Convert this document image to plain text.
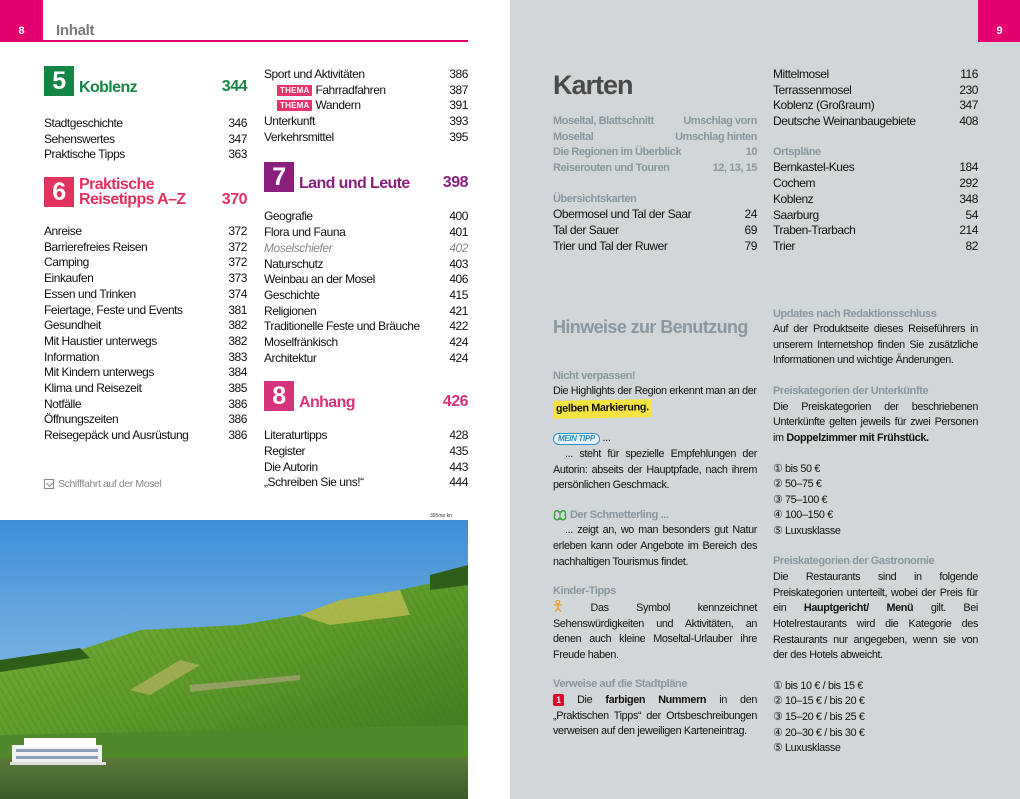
8 Inhalt
5 Koblenz	344
Stadtgeschichte	346
Sehenswertes	347
Praktische Tipps	363
6 Praktische
Reisetipps A–Z	370
Anreise	372
Barrierefreies Reisen	372
Camping	372
Einkaufen	373
Essen und Trinken	374
Feiertage, Feste und Events	381
Gesundheit	382
Mit Haustier unterwegs	382
Information	383
Mit Kindern unterwegs	384
Klima und Reisezeit	385
Notfälle	386
Öffnungszeiten	386
Reisegepäck und Ausrüstung	386
Schifffahrt auf der Mosel
Sport und Aktivitäten	386
THEMA Fahrradfahren	387
THEMA Wandern	391
Unterkunft	393
Verkehrsmittel	395
7 Land und Leute	398
Geografie	400
Flora und Fauna	401
Moselschiefer	402
Naturschutz	403
Weinbau an der Mosel	406
Geschichte	415
Religionen	421
Traditionelle Feste und Bräuche 422
Moselfränkisch	424
Architektur	424
8 Anhang	426
Literaturtipps	428
Register	435
Die Autorin	443
„Schreiben Sie uns!“	444
395mo kn
Karten
Moseltal, Blattschnitt	Umschlag vorn
Moseltal	Umschlag hinten
Die Regionen im Überblick	10
Reiserouten und Touren	12, 13, 15
Übersichtskarten
Obermosel und Tal der Saar	24
Tal der Sauer	69
Trier und Tal der Ruwer	79
Hinweise zur Benutzung
Nicht verpassen!
Die Highlights der Region erkennt man an der
gelben Markierung.
MEIN TIPP ...
... steht für spezielle Empfehlungen der Autorin: abseits der Hauptpfade, nach ihrem persönlichen Geschmack.
Der Schmetterling ...
... zeigt an, wo man besonders gut Natur erleben kann oder Angebote im Bereich des nachhaltigen Tourismus findet.
Kinder-Tipps
Das Symbol kennzeichnet Sehenswürdigkeiten und Aktivitäten, an denen auch kleine Moseltal-Urlauber ihre Freude haben.
Verweise auf die Stadtpläne
1 Die farbigen Nummern in den „Praktischen Tipps“ der Ortsbeschreibungen verweisen auf den jeweiligen Karteneintrag.
Mittelmosel	116
Terrassenmosel	230
Koblenz (Großraum)	347
Deutsche Weinanbaugebiete	408
Ortspläne
Bernkastel-Kues	184
Cochem	292
Koblenz	348
Saarburg	54
Traben-Trarbach	214
Trier	82
Updates nach Redaktionsschluss
Auf der Produktseite dieses Reiseführers in unserem Internetshop finden Sie zusätzliche Informationen und wichtige Änderungen.
Preiskategorien der Unterkünfte
Die Preiskategorien der beschriebenen Unterkünfte gelten jeweils für zwei Personen im Doppelzimmer mit Frühstück.
① bis 50 €
② 50–75 €
③ 75–100 €
④ 100–150 €
⑤ Luxusklasse
Preiskategorien der Gastronomie
Die Restaurants sind in folgende Preiskategorien unterteilt, wobei der Preis für ein Hauptgericht/ Menü gilt. Bei Hotelrestaurants wird die Kategorie des Restaurants nur angegeben, wenn sie von der des Hotels abweicht.
① bis 10 € / bis 15 €
② 10–15 € / bis 20 €
③ 15–20 € / bis 25 €
④ 20–30 € / bis 30 €
⑤ Luxusklasse
9
